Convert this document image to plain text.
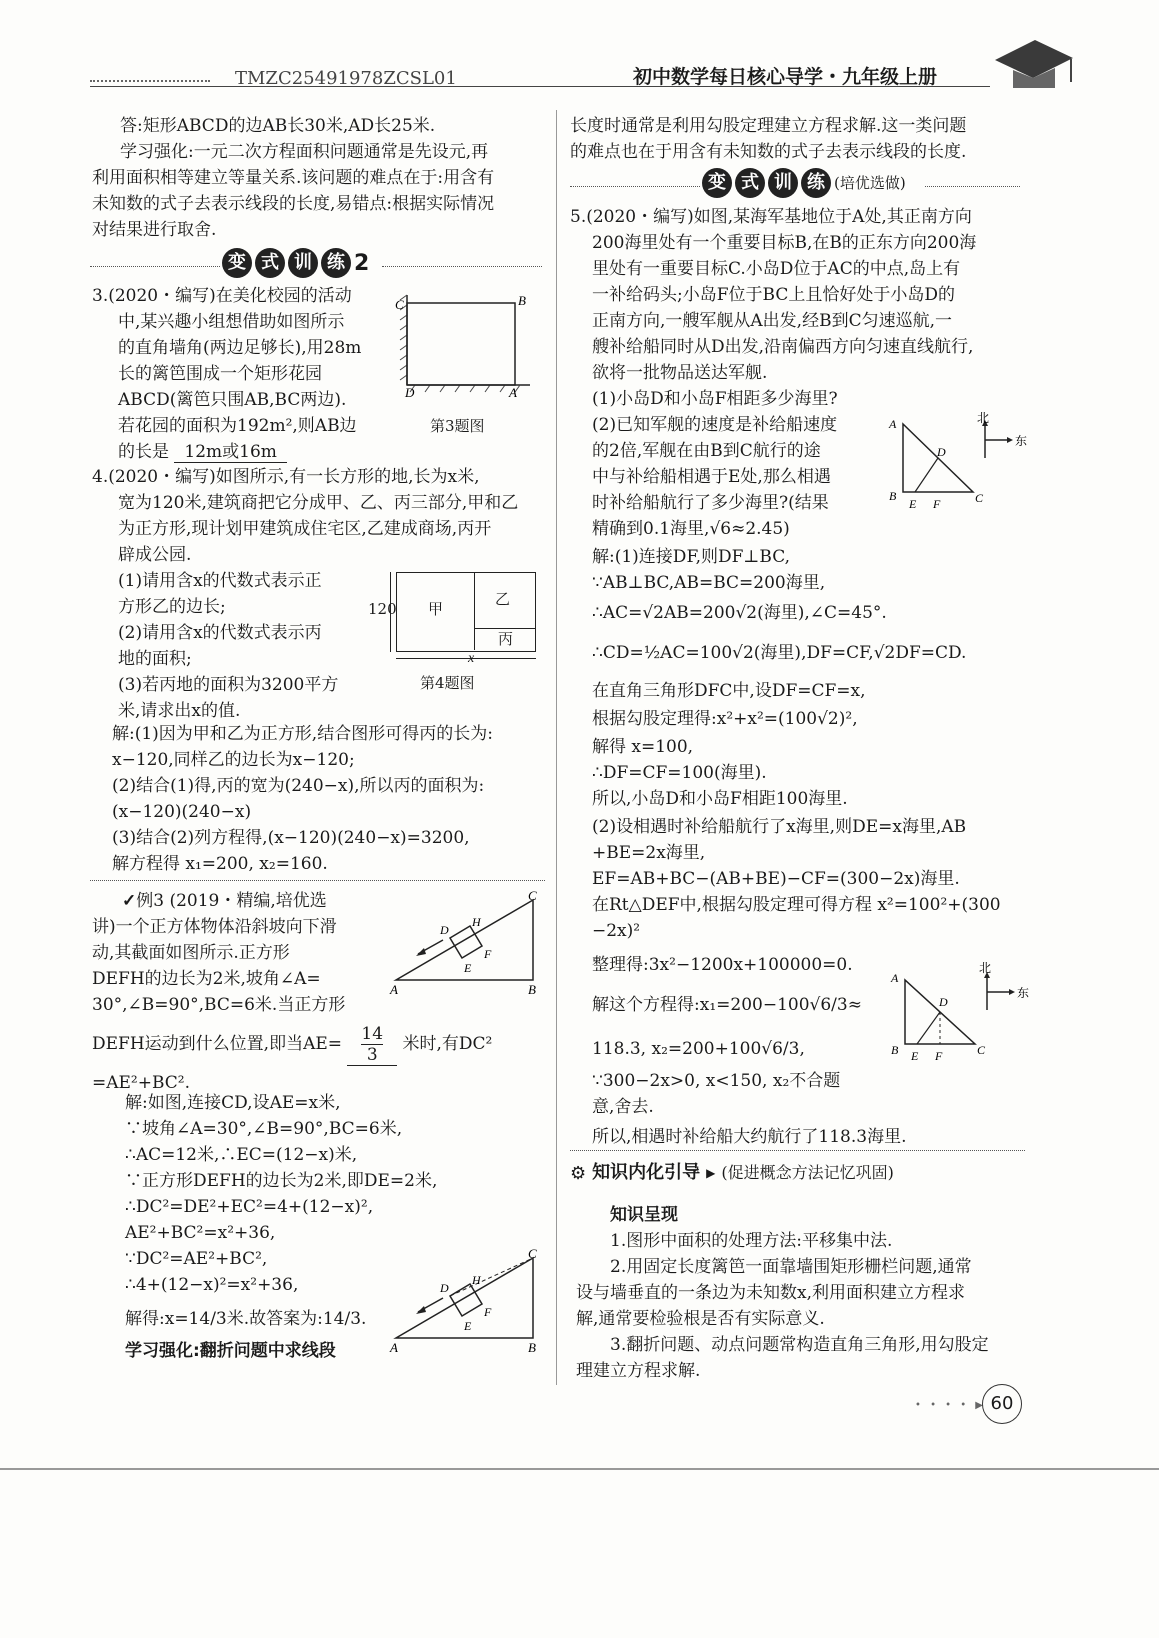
TMZC25491978ZCSL01	初中数学每日核心导学・九年级上册
答:矩形ABCD的边AB长30米,AD长25米.
学习强化:一元二次方程面积问题通常是先设元,再
利用面积相等建立等量关系.该问题的难点在于:用含有
未知数的式子去表示线段的长度,易错点:根据实际情况
对结果进行取舍.
变 式 训 练 2
3.(2020・编写)在美化校园的活动
中,某兴趣小组想借助如图所示
的直角墙角(两边足够长),用28m
长的篱笆围成一个矩形花园
ABCD(篱笆只围AB,BC两边).
若花园的面积为192m²,则AB边
的长是 12m或16m
C	B
D	A
第3题图
4.(2020・编写)如图所示,有一长方形的地,长为x米,
宽为120米,建筑商把它分成甲、乙、丙三部分,甲和乙
为正方形,现计划甲建筑成住宅区,乙建成商场,丙开
辟成公园.
(1)请用含x的代数式表示正
方形乙的边长;
(2)请用含x的代数式表示丙
地的面积;
(3)若丙地的面积为3200平方
米,请求出x的值.
120 甲
乙
丙
x
第4题图
解:(1)因为甲和乙为正方形,结合图形可得丙的长为:
x−120,同样乙的边长为x−120;
(2)结合(1)得,丙的宽为(240−x),所以丙的面积为:
(x−120)(240−x)
(3)结合(2)列方程得,(x−120)(240−x)=3200,
解方程得 x₁=200, x₂=160.
✓例3 (2019・精编,培优选
讲)一个正方体物体沿斜坡向下滑
动,其截面如图所示.正方形
DEFH的边长为2米,坡角∠A=
30°,∠B=90°,BC=6米.当正方形
DEFH运动到什么位置,即当$AE= \frac{14}{3}$ 米时,有DC²
=AE²+BC².
A	B
C
D
H
E
F
解:如图,连接CD,设AE=x米,
∵坡角∠A=30°,∠B=90°,BC=6米,
∴AC=12米,∴EC=(12−x)米,
∵正方形DEFH的边长为2米,即DE=2米,
∴DC²=DE²+EC²=4+(12−x)²,
AE²+BC²=x²+36,
∵DC²=AE²+BC²,
∴4+(12−x)²=x²+36,
解得:x=14/3米.故答案为:14/3.
学习强化:翻折问题中求线段	A	B
C
D
H
E
F
长度时通常是利用勾股定理建立方程求解.这一类问题
的难点也在于用含有未知数的式子去表示线段的长度.
变 式 训 练 (培优选做)
5.(2020・编写)如图,某海军基地位于A处,其正南方向
200海里处有一个重要目标B,在B的正东方向200海
里处有一重要目标C.小岛D位于AC的中点,岛上有
一补给码头;小岛F位于BC上且恰好处于小岛D的
正南方向,一艘军舰从A出发,经B到C匀速巡航,一
艘补给船同时从D出发,沿南偏西方向匀速直线航行,
欲将一批物品送达军舰.
(1)小岛D和小岛F相距多少海里?
(2)已知军舰的速度是补给船速度
的2倍,军舰在由B到C航行的途
中与补给船相遇于E处,那么相遇
时补给船航行了多少海里?(结果
精确到0.1海里,√6≈2.45)
A
B	C
D
E F
北
东
解:(1)连接DF,则DF⊥BC,
∵AB⊥BC,AB=BC=200海里,
∴AC=√2AB=200√2(海里),∠C=45°.
∴CD=½AC=100√2(海里),DF=CF,√2DF=CD.
在直角三角形DFC中,设DF=CF=x,
根据勾股定理得:x²+x²=(100√2)²,
解得 x=100,
∴DF=CF=100(海里).
所以,小岛D和小岛F相距100海里.
(2)设相遇时补给船航行了x海里,则DE=x海里,AB
+BE=2x海里,
EF=AB+BC−(AB+BE)−CF=(300−2x)海里.
在Rt△DEF中,根据勾股定理可得方程 x²=100²+(300
−2x)²
整理得:3x²−1200x+100000=0.
解这个方程得:x₁=200−100√6/3≈
118.3, x₂=200+100√6/3,
∵300−2x>0, x<150, x₂不合题
意,舍去.
所以,相遇时补给船大约航行了118.3海里.
A
B	C
D
E F
北
东
⚙ 知识内化引导 ▶ (促进概念方法记忆巩固)
知识呈现
1.图形中面积的处理方法:平移集中法.
2.用固定长度篱笆一面靠墙围矩形栅栏问题,通常
设与墙垂直的一条边为未知数x,利用面积建立方程求
解,通常要检验根是否有实际意义.
3.翻折问题、动点问题常构造直角三角形,用勾股定
理建立方程求解.
• • • • ▶ 60
